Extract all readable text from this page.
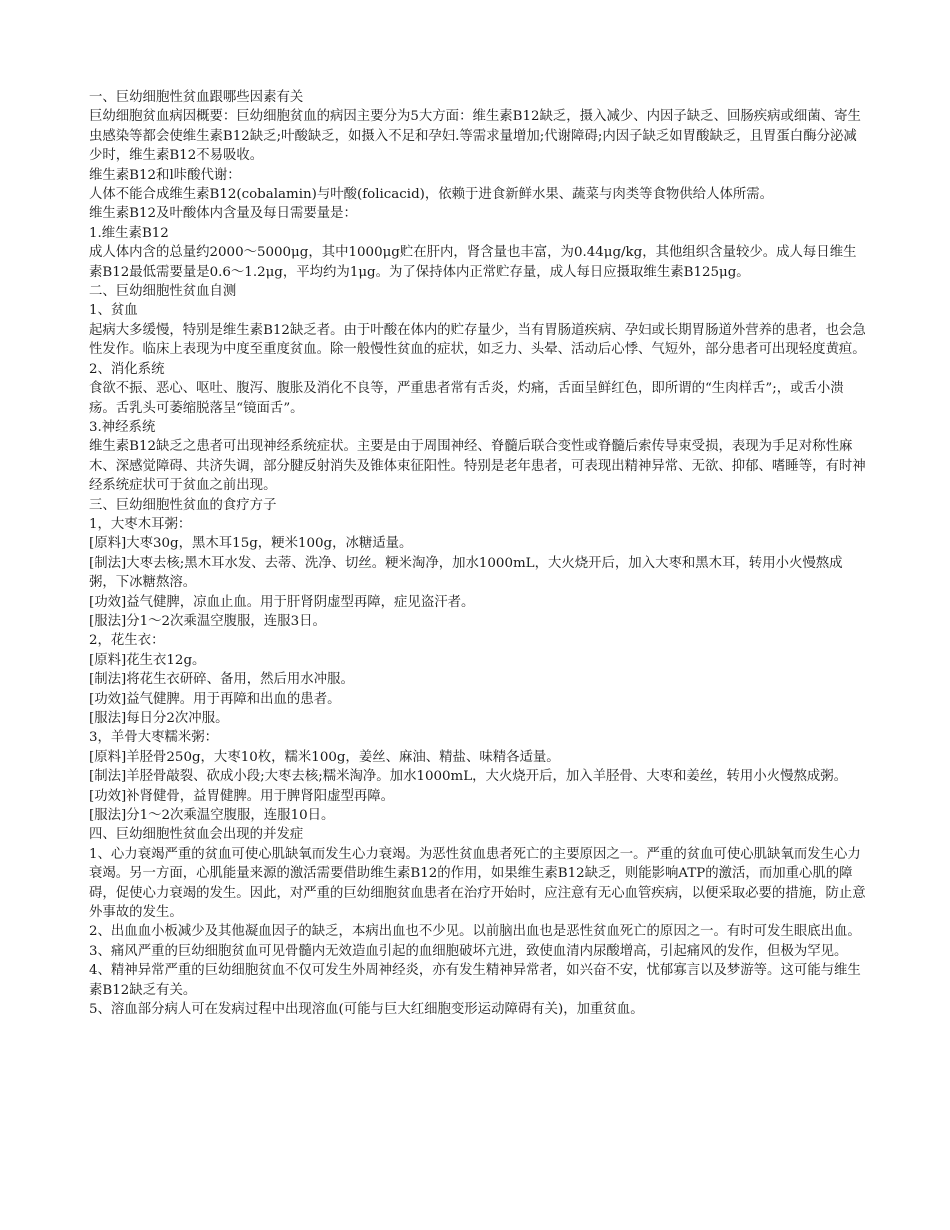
一、巨幼细胞性贫血跟哪些因素有关

巨幼细胞贫血病因概要：巨幼细胞贫血的病因主要分为5大方面：维生素B12缺乏，摄入减少、内因子缺乏、回肠疾病或细菌、寄生虫感染等都会使维生素B12缺乏;叶酸缺乏，如摄入不足和孕妇.等需求量增加;代谢障碍;内因子缺乏如胃酸缺乏，且胃蛋白酶分泌减少时，维生素B12不易吸收。

维生素B12和l咔酸代谢：

人体不能合成维生素B12(cobalamin)与叶酸(folicacid)，依赖于进食新鲜水果、蔬菜与肉类等食物供给人体所需。

维生素B12及叶酸体内含量及每日需要量是：

1.维生素B12

成人体内含的总量约2000～5000μg，其中1000μg贮在肝内，肾含量也丰富，为0.44μg/kg，其他组织含量较少。成人每日维生素B12最低需要量是0.6～1.2μg，平均约为1μg。为了保持体内正常贮存量，成人每日应摄取维生素B125μg。

二、巨幼细胞性贫血自测

1、贫血

起病大多缓慢，特别是维生素B12缺乏者。由于叶酸在体内的贮存量少，当有胃肠道疾病、孕妇或长期胃肠道外营养的患者，也会急性发作。临床上表现为中度至重度贫血。除一般慢性贫血的症状，如乏力、头晕、活动后心悸、气短外，部分患者可出现轻度黄疸。

2、消化系统

食欲不振、恶心、呕吐、腹泻、腹胀及消化不良等，严重患者常有舌炎，灼痛，舌面呈鲜红色，即所谓的“生肉样舌”;，或舌小溃疡。舌乳头可萎缩脱落呈“镜面舌”。

3.神经系统

维生素B12缺乏之患者可出现神经系统症状。主要是由于周围神经、脊髓后联合变性或脊髓后索传导束受损，表现为手足对称性麻木、深感觉障碍、共济失调，部分腱反射消失及锥体束征阳性。特别是老年患者，可表现出精神异常、无欲、抑郁、嗜睡等，有时神经系统症状可于贫血之前出现。

三、巨幼细胞性贫血的食疗方子

1，大枣木耳粥：

[原料]大枣30g，黑木耳15g，粳米100g，冰糖适量。

[制法]大枣去核;黑木耳水发、去蒂、洗净、切丝。粳米淘净，加水1000mL，大火烧开后，加入大枣和黑木耳，转用小火慢熬成粥，下冰糖熬溶。

[功效]益气健脾，凉血止血。用于肝肾阴虚型再障，症见盗汗者。

[服法]分1～2次乘温空腹服，连服3日。

2，花生衣：

[原料]花生衣12g。

[制法]将花生衣研碎、备用，然后用水冲服。

[功效]益气健脾。用于再障和出血的患者。

[服法]每日分2次冲服。

3，羊骨大枣糯米粥：

[原料]羊胫骨250g，大枣10枚，糯米100g，姜丝、麻油、精盐、味精各适量。

[制法]羊胫骨敲裂、砍成小段;大枣去核;糯米淘净。加水1000mL，大火烧开后，加入羊胫骨、大枣和姜丝，转用小火慢熬成粥。

[功效]补肾健骨，益胃健脾。用于脾肾阳虚型再障。

[服法]分1～2次乘温空腹服，连服10日。

四、巨幼细胞性贫血会出现的并发症

1、心力衰竭严重的贫血可使心肌缺氧而发生心力衰竭。为恶性贫血患者死亡的主要原因之一。严重的贫血可使心肌缺氧而发生心力衰竭。另一方面，心肌能量来源的激活需要借助维生素B12的作用，如果维生素B12缺乏，则能影响ATP的激活，而加重心肌的障碍，促使心力衰竭的发生。因此，对严重的巨幼细胞贫血患者在治疗开始时，应注意有无心血管疾病，以便采取必要的措施，防止意外事故的发生。

2、出血血小板减少及其他凝血因子的缺乏，本病出血也不少见。以前脑出血也是恶性贫血死亡的原因之一。有时可发生眼底出血。

3、痛风严重的巨幼细胞贫血可见骨髓内无效造血引起的血细胞破坏亢进，致使血清内尿酸增高，引起痛风的发作，但极为罕见。

4、精神异常严重的巨幼细胞贫血不仅可发生外周神经炎，亦有发生精神异常者，如兴奋不安，忧郁寡言以及梦游等。这可能与维生素B12缺乏有关。

5、溶血部分病人可在发病过程中出现溶血(可能与巨大红细胞变形运动障碍有关)，加重贫血。
